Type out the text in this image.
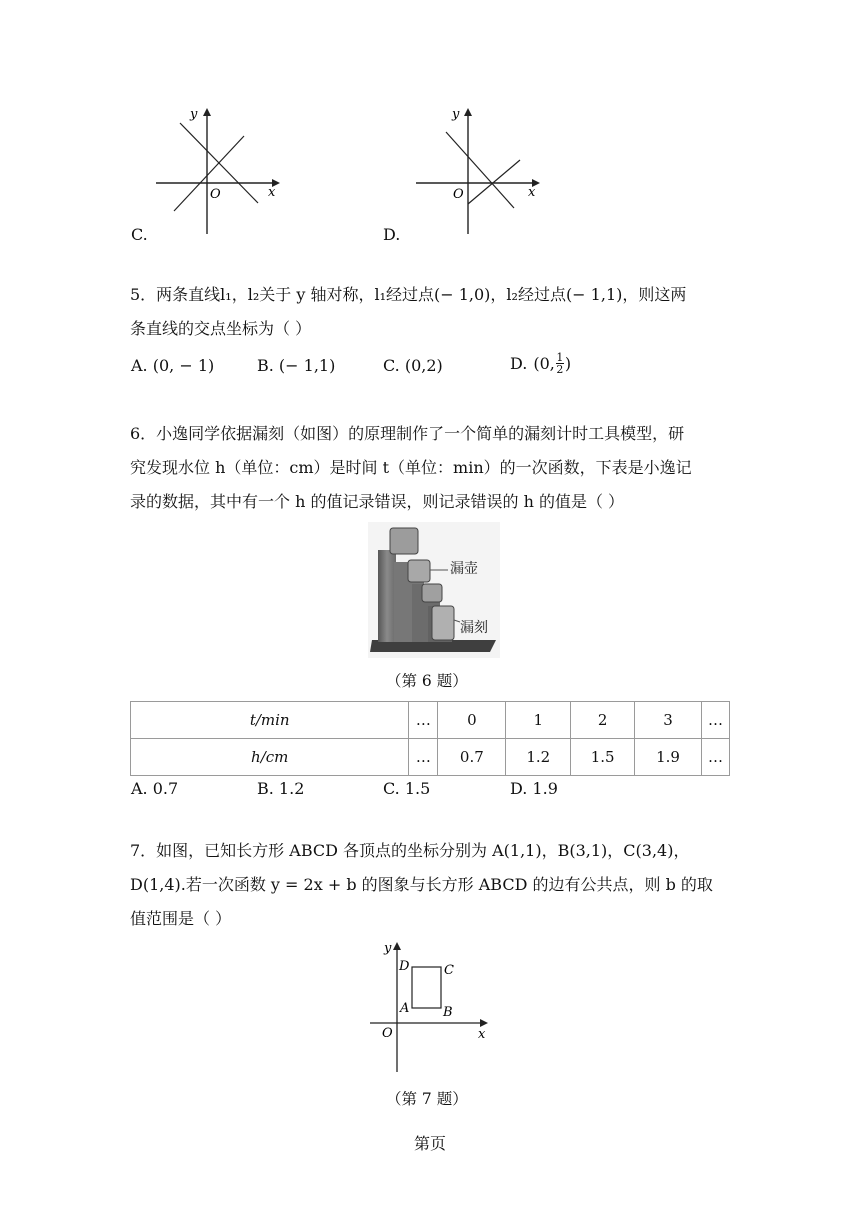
y
x
O
C.
y
x
O
D.
5．两条直线l₁，l₂关于 y 轴对称，l₁经过点(− 1,0)，l₂经过点(− 1,1)，则这两
条直线的交点坐标为（ ）
A. (0, − 1)	B. (− 1,1)	C. (0,2)	D. (0, 1
2 )
6．小逸同学依据漏刻（如图）的原理制作了一个简单的漏刻计时工具模型，研
究发现水位 h（单位：cm）是时间 t（单位：min）的一次函数，下表是小逸记
录的数据，其中有一个 h 的值记录错误，则记录错误的 h 的值是（ ）
漏壶
漏刻
（第 6 题）
t/min	…	0	1	2	3	…
h/cm	…	0.7	1.2	1.5	1.9	…
A. 0.7	B. 1.2	C. 1.5	D. 1.9
7．如图，已知长方形 ABCD 各顶点的坐标分别为 A(1,1)，B(3,1)，C(3,4)，
D(1,4).若一次函数 y = 2x + b 的图象与长方形 ABCD 的边有公共点，则 b 的取
值范围是（ ）
y
x
O
A	B
C
D
（第 7 题）
第页
